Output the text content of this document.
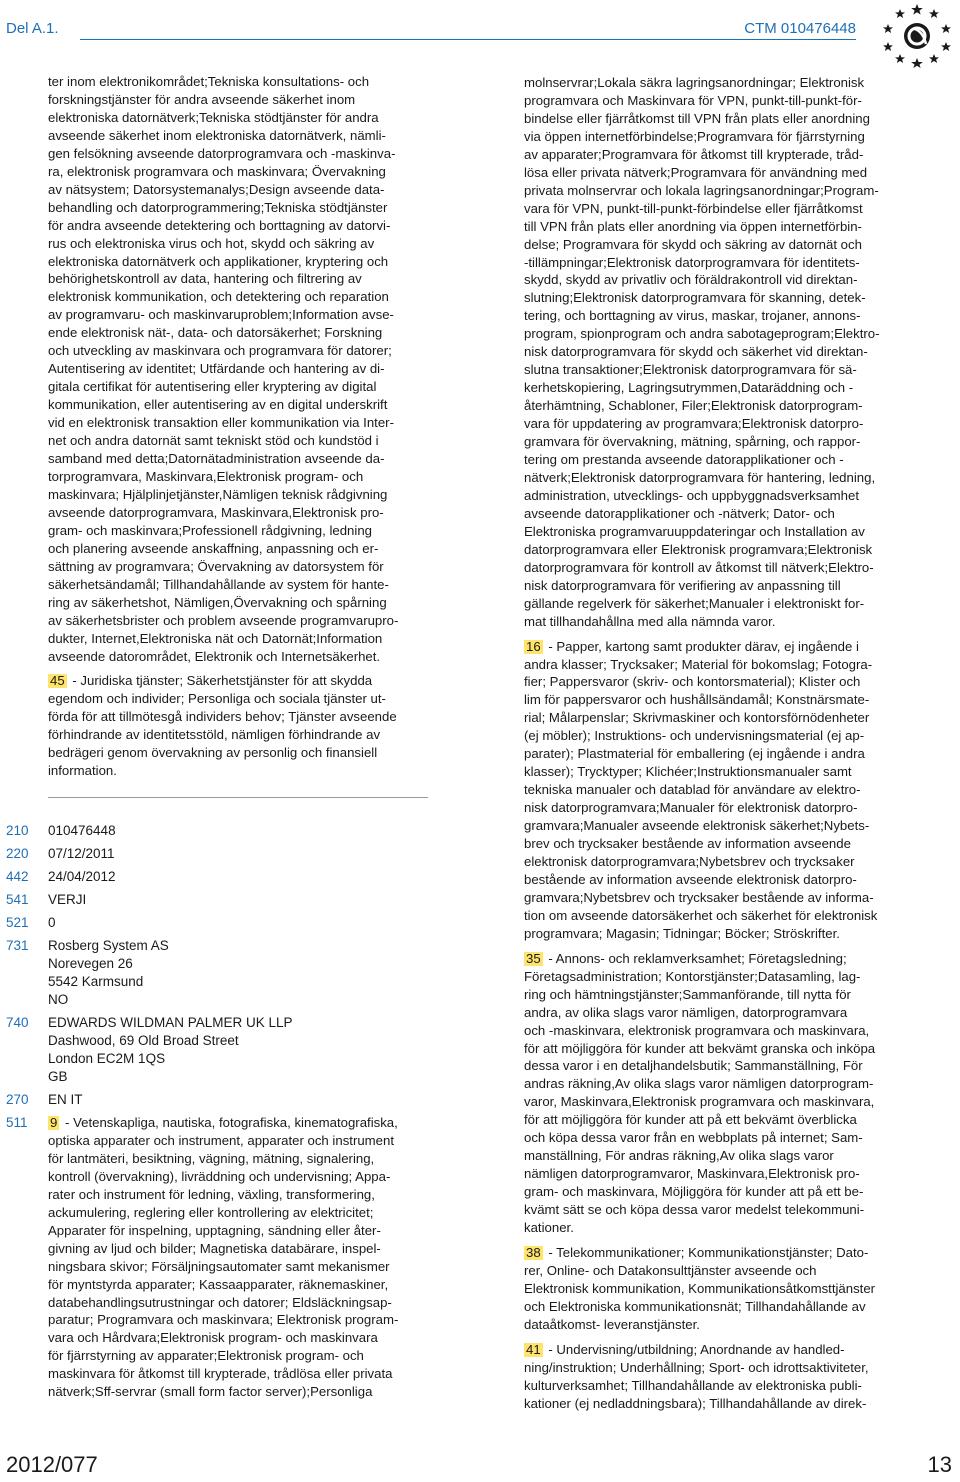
Del A.1.	CTM 010476448

ter inom elektronikområdet;Tekniska konsultations- och
forskningstjänster för andra avseende säkerhet inom
elektroniska datornätverk;Tekniska stödtjänster för andra
avseende säkerhet inom elektroniska datornätverk, nämli-
gen felsökning avseende datorprogramvara och -maskinva-
ra, elektronisk programvara och maskinvara; Övervakning
av nätsystem; Datorsystemanalys;Design avseende data-
behandling och datorprogrammering;Tekniska stödtjänster
för andra avseende detektering och borttagning av datorvi-
rus och elektroniska virus och hot, skydd och säkring av
elektroniska datornätverk och applikationer, kryptering och
behörighetskontroll av data, hantering och filtrering av
elektronisk kommunikation, och detektering och reparation
av programvaru- och maskinvaruproblem;Information avse-
ende elektronisk nät-, data- och datorsäkerhet; Forskning
och utveckling av maskinvara och programvara för datorer;
Autentisering av identitet; Utfärdande och hantering av di-
gitala certifikat för autentisering eller kryptering av digital
kommunikation, eller autentisering av en digital underskrift
vid en elektronisk transaktion eller kommunikation via Inter-
net och andra datornät samt tekniskt stöd och kundstöd i
samband med detta;Datornätadministration avseende da-
torprogramvara, Maskinvara,Elektronisk program- och
maskinvara; Hjälplinjetjänster,Nämligen teknisk rådgivning
avseende datorprogramvara, Maskinvara,Elektronisk pro-
gram- och maskinvara;Professionell rådgivning, ledning
och planering avseende anskaffning, anpassning och er-
sättning av programvara; Övervakning av datorsystem för
säkerhetsändamål; Tillhandahållande av system för hante-
ring av säkerhetshot, Nämligen,Övervakning och spårning
av säkerhetsbrister och problem avseende programvarupro-
dukter, Internet,Elektroniska nät och Datornät;Information
avseende datorområdet, Elektronik och Internetsäkerhet.

45 - Juridiska tjänster; Säkerhetstjänster för att skydda
egendom och individer; Personliga och sociala tjänster ut-
förda för att tillmötesgå individers behov; Tjänster avseende
förhindrande av identitetsstöld, nämligen förhindrande av
bedrägeri genom övervakning av personlig och finansiell
information.

210 010476448
220 07/12/2011
442 24/04/2012
541 VERJI
521 0
731 Rosberg System AS
Norevegen 26
5542 Karmsund
NO
740 EDWARDS WILDMAN PALMER UK LLP
Dashwood, 69 Old Broad Street
London EC2M 1QS
GB
270 EN IT
511 9 - Vetenskapliga, nautiska, fotografiska, kinematografiska,
optiska apparater och instrument, apparater och instrument
för lantmäteri, besiktning, vägning, mätning, signalering,
kontroll (övervakning), livräddning och undervisning; Appa-
rater och instrument för ledning, växling, transformering,
ackumulering, reglering eller kontrollering av elektricitet;
Apparater för inspelning, upptagning, sändning eller åter-
givning av ljud och bilder; Magnetiska databärare, inspel-
ningsbara skivor; Försäljningsautomater samt mekanismer
för myntstyrda apparater; Kassaapparater, räknemaskiner,
databehandlingsutrustningar och datorer; Eldsläckningsap-
paratur; Programvara och maskinvara; Elektronisk program-
vara och Hårdvara;Elektronisk program- och maskinvara
för fjärrstyrning av apparater;Elektronisk program- och
maskinvara för åtkomst till krypterade, trådlösa eller privata
nätverk;Sff-servrar (small form factor server);Personliga

molnservrar;Lokala säkra lagringsanordningar; Elektronisk
programvara och Maskinvara för VPN, punkt-till-punkt-för-
bindelse eller fjärråtkomst till VPN från plats eller anordning
via öppen internetförbindelse;Programvara för fjärrstyrning
av apparater;Programvara för åtkomst till krypterade, tråd-
lösa eller privata nätverk;Programvara för användning med
privata molnservrar och lokala lagringsanordningar;Program-
vara för VPN, punkt-till-punkt-förbindelse eller fjärråtkomst
till VPN från plats eller anordning via öppen internetförbin-
delse; Programvara för skydd och säkring av datornät och
-tillämpningar;Elektronisk datorprogramvara för identitets-
skydd, skydd av privatliv och föräldrakontroll vid direktan-
slutning;Elektronisk datorprogramvara för skanning, detek-
tering, och borttagning av virus, maskar, trojaner, annons-
program, spionprogram och andra sabotageprogram;Elektro-
nisk datorprogramvara för skydd och säkerhet vid direktan-
slutna transaktioner;Elektronisk datorprogramvara för sä-
kerhetskopiering, Lagringsutrymmen,Dataräddning och -
återhämtning, Schabloner, Filer;Elektronisk datorprogram-
vara för uppdatering av programvara;Elektronisk datorpro-
gramvara för övervakning, mätning, spårning, och rappor-
tering om prestanda avseende datorapplikationer och -
nätverk;Elektronisk datorprogramvara för hantering, ledning,
administration, utvecklings- och uppbyggnadsverksamhet
avseende datorapplikationer och -nätverk; Dator- och
Elektroniska programvaruuppdateringar och Installation av
datorprogramvara eller Elektronisk programvara;Elektronisk
datorprogramvara för kontroll av åtkomst till nätverk;Elektro-
nisk datorprogramvara för verifiering av anpassning till
gällande regelverk för säkerhet;Manualer i elektroniskt for-
mat tillhandahållna med alla nämnda varor.

16 - Papper, kartong samt produkter därav, ej ingående i
andra klasser; Trycksaker; Material för bokomslag; Fotogra-
fier; Pappersvaror (skriv- och kontorsmaterial); Klister och
lim för pappersvaror och hushållsändamål; Konstnärsmate-
rial; Målarpenslar; Skrivmaskiner och kontorsförnödenheter
(ej möbler); Instruktions- och undervisningsmaterial (ej ap-
parater); Plastmaterial för emballering (ej ingående i andra
klasser); Trycktyper; Klichéer;Instruktionsmanualer samt
tekniska manualer och datablad för användare av elektro-
nisk datorprogramvara;Manualer för elektronisk datorpro-
gramvara;Manualer avseende elektronisk säkerhet;Nybets-
brev och trycksaker bestående av information avseende
elektronisk datorprogramvara;Nybetsbrev och trycksaker
bestående av information avseende elektronisk datorpro-
gramvara;Nybetsbrev och trycksaker bestående av informa-
tion om avseende datorsäkerhet och säkerhet för elektronisk
programvara; Magasin; Tidningar; Böcker; Ströskrifter.

35 - Annons- och reklamverksamhet; Företagsledning;
Företagsadministration; Kontorstjänster;Datasamling, lag-
ring och hämtningstjänster;Sammanförande, till nytta för
andra, av olika slags varor nämligen, datorprogramvara
och -maskinvara, elektronisk programvara och maskinvara,
för att möjliggöra för kunder att bekvämt granska och inköpa
dessa varor i en detaljhandelsbutik; Sammanställning, För
andras räkning,Av olika slags varor nämligen datorprogram-
varor, Maskinvara,Elektronisk programvara och maskinvara,
för att möjliggöra för kunder att på ett bekvämt överblicka
och köpa dessa varor från en webbplats på internet; Sam-
manställning, För andras räkning,Av olika slags varor
nämligen datorprogramvaror, Maskinvara,Elektronisk pro-
gram- och maskinvara, Möjliggöra för kunder att på ett be-
kvämt sätt se och köpa dessa varor medelst telekommuni-
kationer.

38 - Telekommunikationer; Kommunikationstjänster; Dato-
rer, Online- och Datakonsulttjänster avseende och
Elektronisk kommunikation, Kommunikationsåtkomsttjänster
och Elektroniska kommunikationsnät; Tillhandahållande av
dataåtkomst- leveranstjänster.

41 - Undervisning/utbildning; Anordnande av handled-
ning/instruktion; Underhållning; Sport- och idrottsaktiviteter,
kulturverksamhet; Tillhandahållande av elektroniska publi-
kationer (ej nedladdningsbara); Tillhandahållande av direk-

2012/077	13
